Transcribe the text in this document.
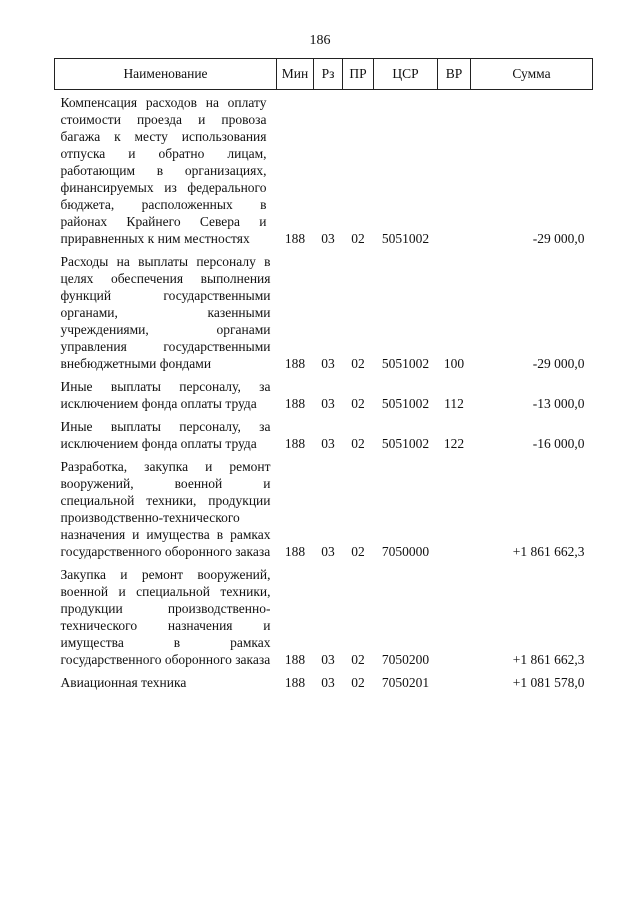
186
Наименование	Мин	Рз	ПР	ЦСР	ВР	Сумма
Компенсация расходов на оплату стоимости проезда и провоза багажа к месту использования отпуска и обратно лицам, работающим в организациях, финансируемых из федерального бюджета, расположенных в районах Крайнего Севера и приравненных к ним местностях	188	03	02	5051002		-29 000,0
Расходы на выплаты персоналу в целях обеспечения выполнения функций государственными органами, казенными учреждениями, органами управления государственными внебюджетными фондами	188	03	02	5051002	100	-29 000,0
Иные выплаты персоналу, за исключением фонда оплаты труда	188	03	02	5051002	112	-13 000,0
Иные выплаты персоналу, за исключением фонда оплаты труда	188	03	02	5051002	122	-16 000,0
Разработка, закупка и ремонт вооружений, военной и специальной техники, продукции производственно-технического назначения и имущества в рамках государственного оборонного заказа	188	03	02	7050000		+1 861 662,3
Закупка и ремонт вооружений, военной и специальной техники, продукции производственно-технического назначения и имущества в рамках государственного оборонного заказа	188	03	02	7050200		+1 861 662,3
Авиационная техника	188	03	02	7050201		+1 081 578,0
